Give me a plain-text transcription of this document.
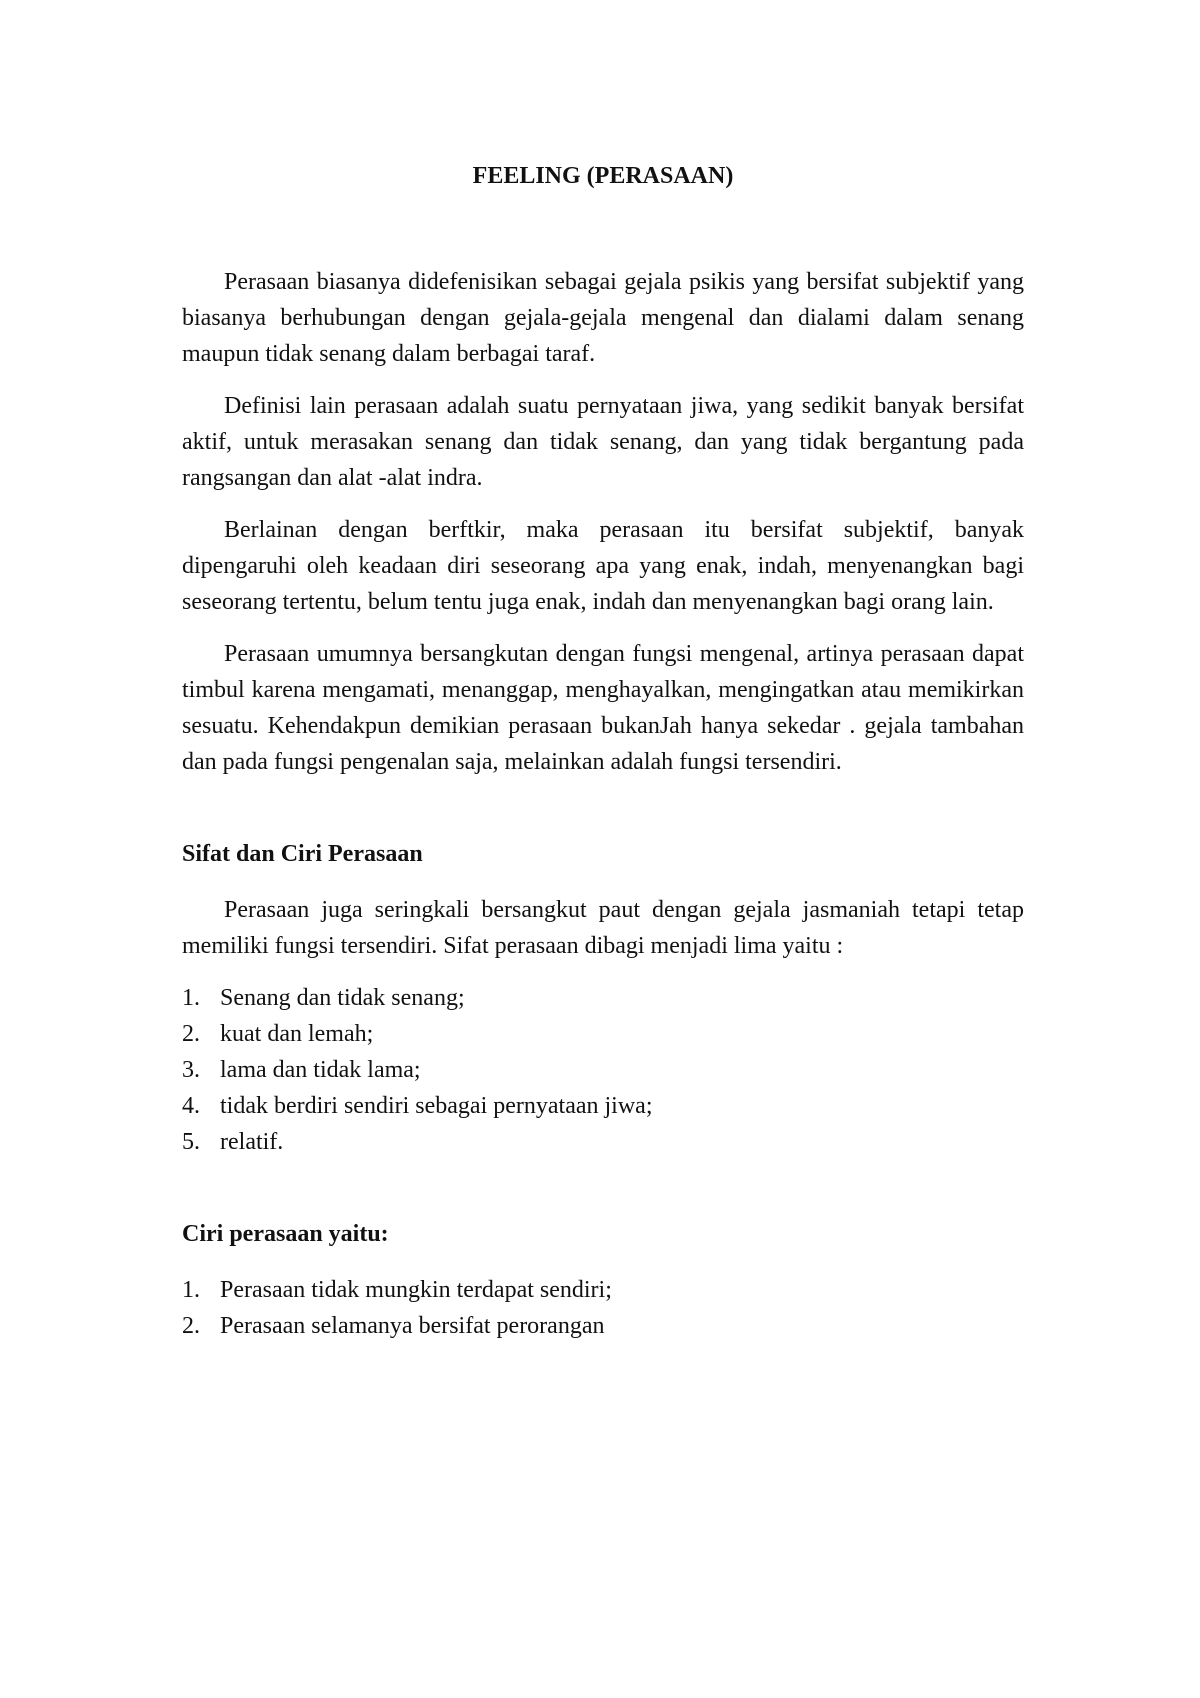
FEELING (PERASAAN)

Perasaan biasanya didefenisikan sebagai gejala psikis yang bersifat subjektif yang biasanya berhubungan dengan gejala-gejala mengenal dan dialami dalam senang maupun tidak senang dalam berbagai taraf.

Definisi lain perasaan adalah suatu pernyataan jiwa, yang sedikit banyak bersifat aktif, untuk merasakan senang dan tidak senang, dan yang tidak bergantung pada rangsangan dan alat -alat indra.

Berlainan dengan berftkir, maka perasaan itu bersifat subjektif, banyak dipengaruhi oleh keadaan diri seseorang apa yang enak, indah, menyenangkan bagi seseorang tertentu, belum tentu juga enak, indah dan menyenangkan bagi orang lain.

Perasaan umumnya bersangkutan dengan fungsi mengenal, artinya perasaan dapat timbul karena mengamati, menanggap, menghayalkan, mengingatkan atau memikirkan sesuatu. Kehendakpun demikian perasaan bukanJah hanya sekedar . gejala tambahan dan pada fungsi pengenalan saja, melainkan adalah fungsi tersendiri.

Sifat dan Ciri Perasaan

Perasaan juga seringkali bersangkut paut dengan gejala jasmaniah tetapi tetap memiliki fungsi tersendiri. Sifat perasaan dibagi menjadi lima yaitu :

1. Senang dan tidak senang;
2. kuat dan lemah;
3. lama dan tidak lama;
4. tidak berdiri sendiri sebagai pernyataan jiwa;
5. relatif.
Ciri perasaan yaitu:
1. Perasaan tidak mungkin terdapat sendiri;
2. Perasaan selamanya bersifat perorangan
